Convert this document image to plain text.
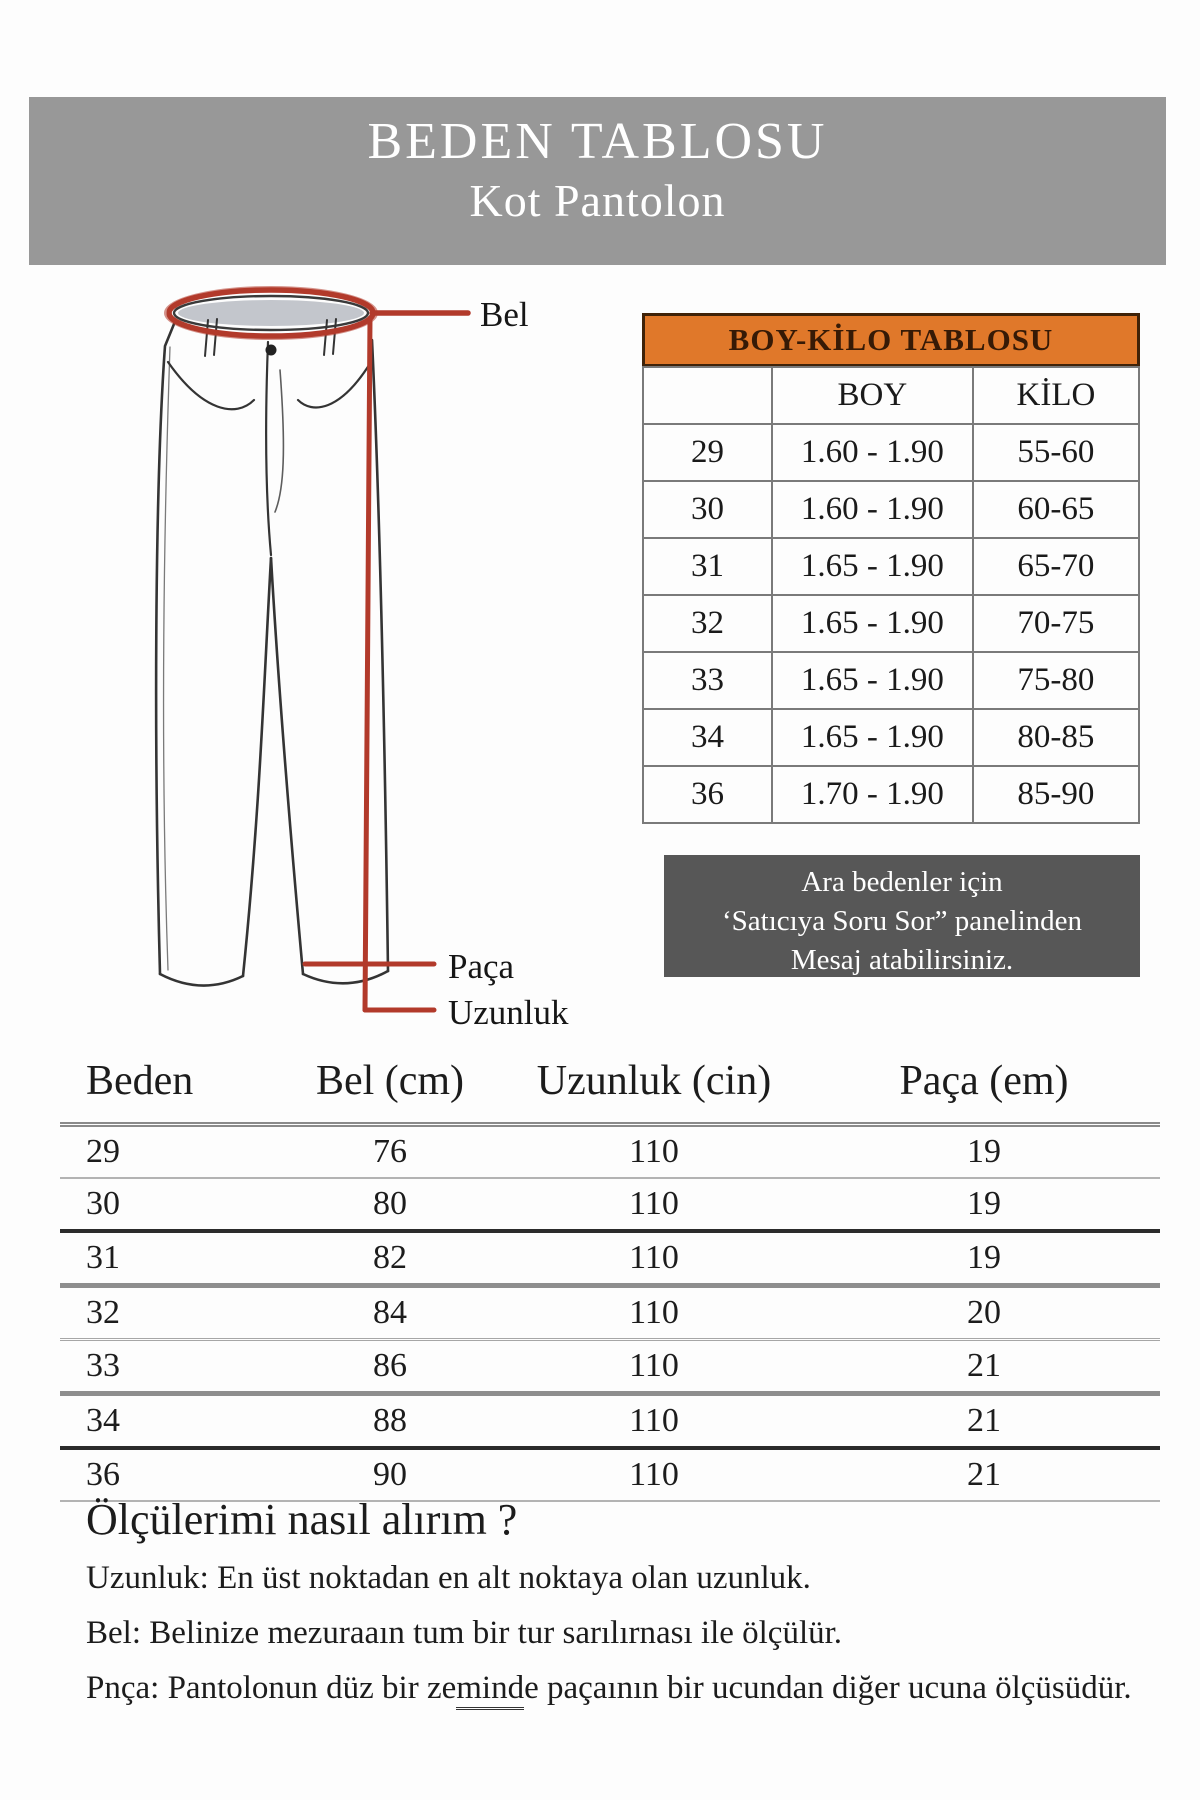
BEDEN TABLOSU
Kot Pantolon
Bel
Paça
Uzunluk
BOY-KİLO TABLOSU
	BOY	KİLO
29	1.60 - 1.90	55-60
30	1.60 - 1.90	60-65
31	1.65 - 1.90	65-70
32	1.65 - 1.90	70-75
33	1.65 - 1.90	75-80
34	1.65 - 1.90	80-85
36	1.70 - 1.90	85-90
Ara bedenler için
‘Satıcıya Soru Sor” panelinden
Mesaj atabilirsiniz.
Beden	Bel (cm)	Uzunluk (cin)	Paça (em)
29	76	110	19
30	80	110	19
31	82	110	19
32	84	110	20
33	86	110	21
34	88	110	21
36	90	110	21
Ölçülerimi nasıl alırım ?

Uzunluk: En üst noktadan en alt noktaya olan uzunluk.

Bel: Belinize mezuraaın tum bir tur sarılırnası ile ölçülür.

Pnça: Pantolonun düz bir zeminde paçaının bir ucundan diğer ucuna ölçüsüdür.
